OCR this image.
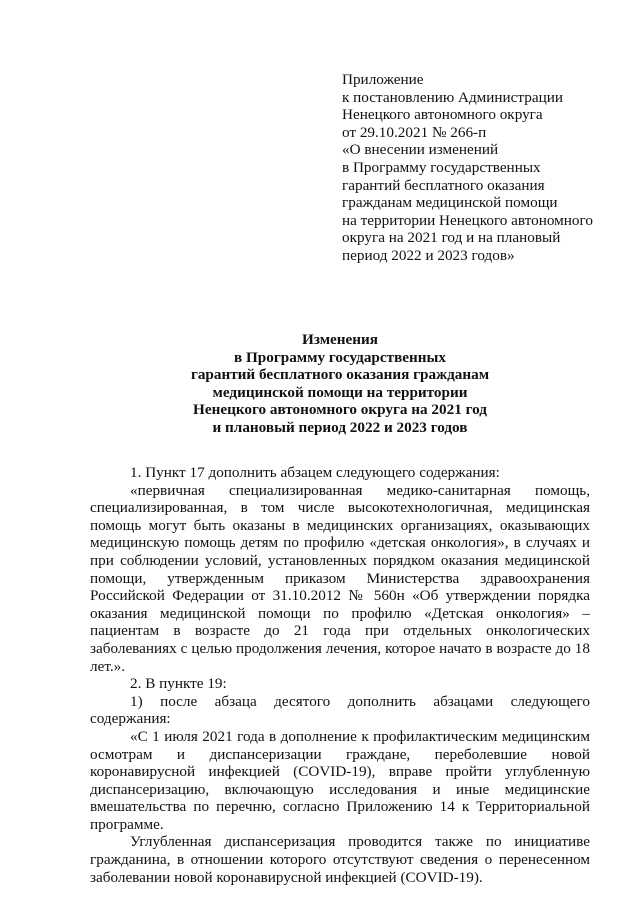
Приложение
к постановлению Администрации
Ненецкого автономного округа
от 29.10.2021 № 266-п
«О внесении изменений
в Программу государственных
гарантий бесплатного оказания
гражданам медицинской помощи
на территории Ненецкого автономного
округа на 2021 год и на плановый
период 2022 и 2023 годов»
Изменения
в Программу государственных
гарантий бесплатного оказания гражданам
медицинской помощи на территории
Ненецкого автономного округа на 2021 год
и плановый период 2022 и 2023 годов

1. Пункт 17 дополнить абзацем следующего содержания:

«первичная специализированная медико-санитарная помощь, специализированная, в том числе высокотехнологичная, медицинская помощь могут быть оказаны в медицинских организациях, оказывающих медицинскую помощь детям по профилю «детская онкология», в случаях и при соблюдении условий, установленных порядком оказания медицинской помощи, утвержденным приказом Министерства здравоохранения Российской Федерации от 31.10.2012 № 560н «Об утверждении порядка оказания медицинской помощи по профилю «Детская онкология» – пациентам в возрасте до 21 года при отдельных онкологических заболеваниях с целью продолжения лечения, которое начато в возрасте до 18 лет.».

2. В пункте 19:

1) после абзаца десятого дополнить абзацами следующего содержания:

«С 1 июля 2021 года в дополнение к профилактическим медицинским осмотрам и диспансеризации граждане, переболевшие новой коронавирусной инфекцией (COVID-19), вправе пройти углубленную диспансеризацию, включающую исследования и иные медицинские вмешательства по перечню, согласно Приложению 14 к Территориальной программе.

Углубленная диспансеризация проводится также по инициативе гражданина, в отношении которого отсутствуют сведения о перенесенном заболевании новой коронавирусной инфекцией (COVID-19).
